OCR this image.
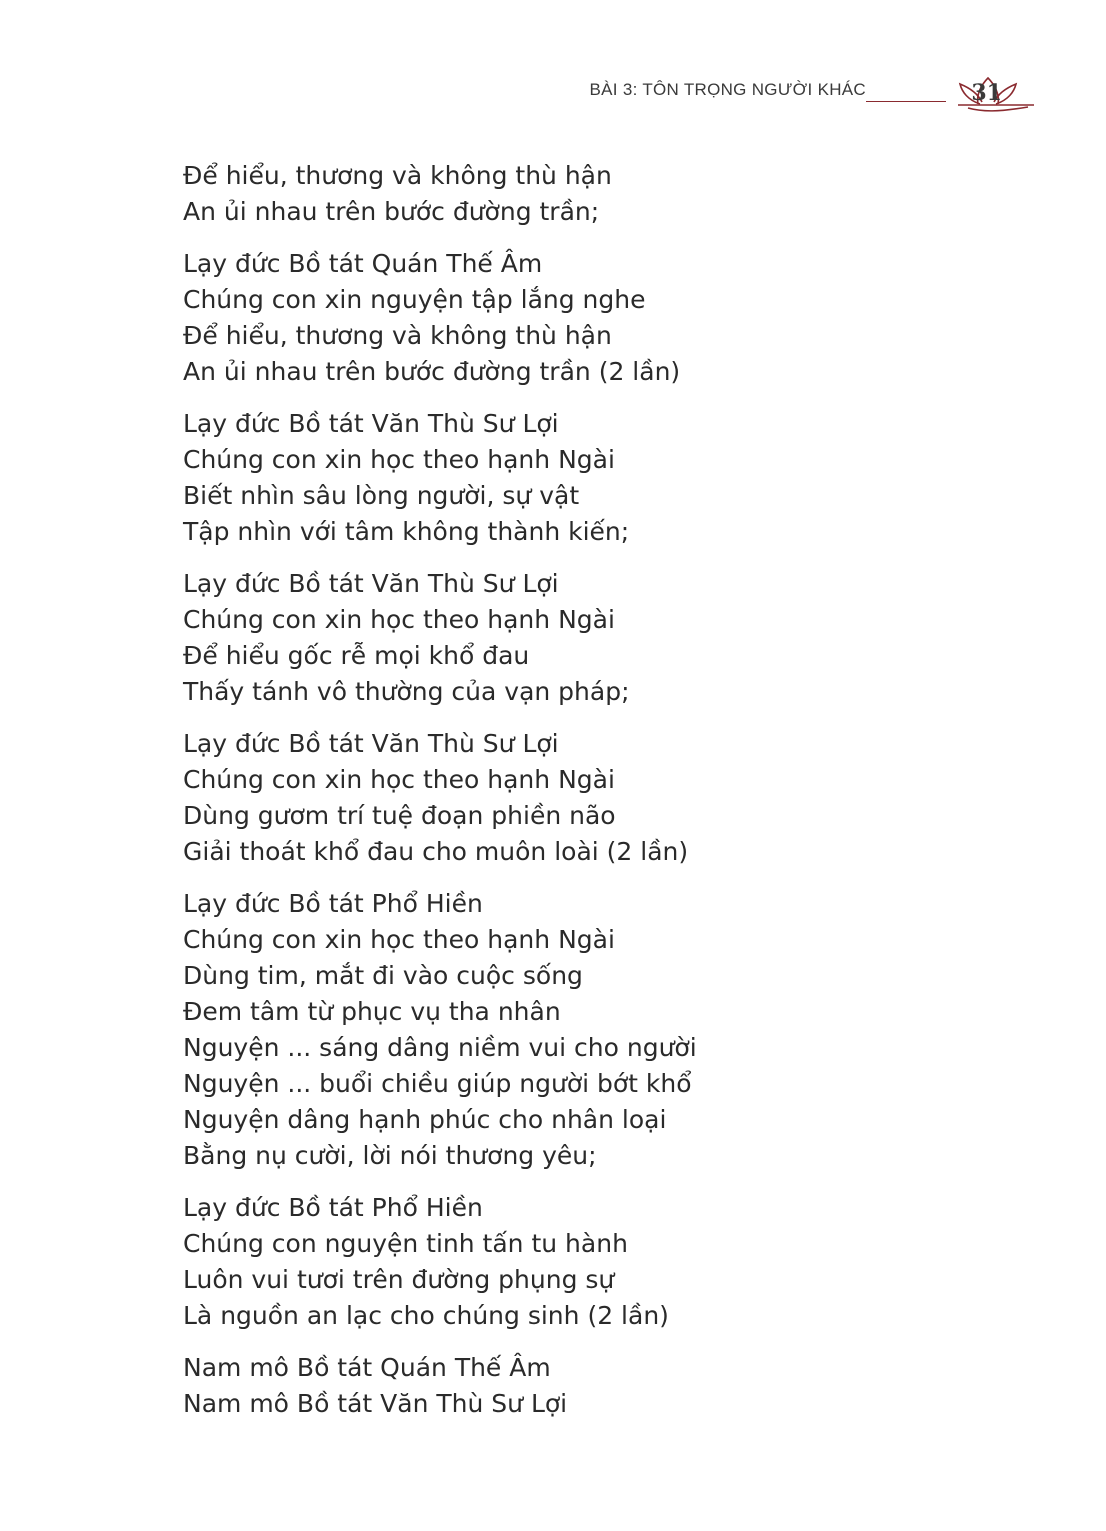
BÀI 3: TÔN TRỌNG NGƯỜI KHÁC	31
Để hiểu, thương và không thù hận
An ủi nhau trên bước đường trần;
Lạy đức Bồ tát Quán Thế Âm
Chúng con xin nguyện tập lắng nghe
Để hiểu, thương và không thù hận
An ủi nhau trên bước đường trần (2 lần)
Lạy đức Bồ tát Văn Thù Sư Lợi
Chúng con xin học theo hạnh Ngài
Biết nhìn sâu lòng người, sự vật
Tập nhìn với tâm không thành kiến;
Lạy đức Bồ tát Văn Thù Sư Lợi
Chúng con xin học theo hạnh Ngài
Để hiểu gốc rễ mọi khổ đau
Thấy tánh vô thường của vạn pháp;
Lạy đức Bồ tát Văn Thù Sư Lợi
Chúng con xin học theo hạnh Ngài
Dùng gươm trí tuệ đoạn phiền não
Giải thoát khổ đau cho muôn loài (2 lần)
Lạy đức Bồ tát Phổ Hiền
Chúng con xin học theo hạnh Ngài
Dùng tim, mắt đi vào cuộc sống
Đem tâm từ phục vụ tha nhân
Nguyện ... sáng dâng niềm vui cho người
Nguyện ... buổi chiều giúp người bớt khổ
Nguyện dâng hạnh phúc cho nhân loại
Bằng nụ cười, lời nói thương yêu;
Lạy đức Bồ tát Phổ Hiền
Chúng con nguyện tinh tấn tu hành
Luôn vui tươi trên đường phụng sự
Là nguồn an lạc cho chúng sinh (2 lần)
Nam mô Bồ tát Quán Thế Âm
Nam mô Bồ tát Văn Thù Sư Lợi
